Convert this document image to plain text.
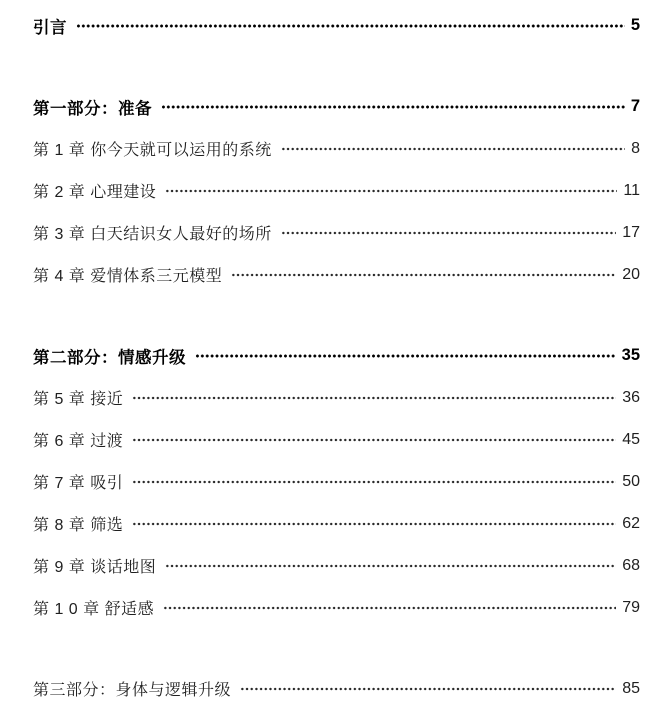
引言	5
第一部分：准备	7
第 1 章 你今天就可以运用的系统	8
第 2 章 心理建设	11
第 3 章 白天结识女人最好的场所	17
第 4 章 爱情体系三元模型	20
第二部分：情感升级	35
第 5 章 接近	36
第 6 章 过渡	45
第 7 章 吸引	50
第 8 章 筛选	62
第 9 章 谈话地图	68
第 1 0 章 舒适感	79
第三部分：身体与逻辑升级	85
